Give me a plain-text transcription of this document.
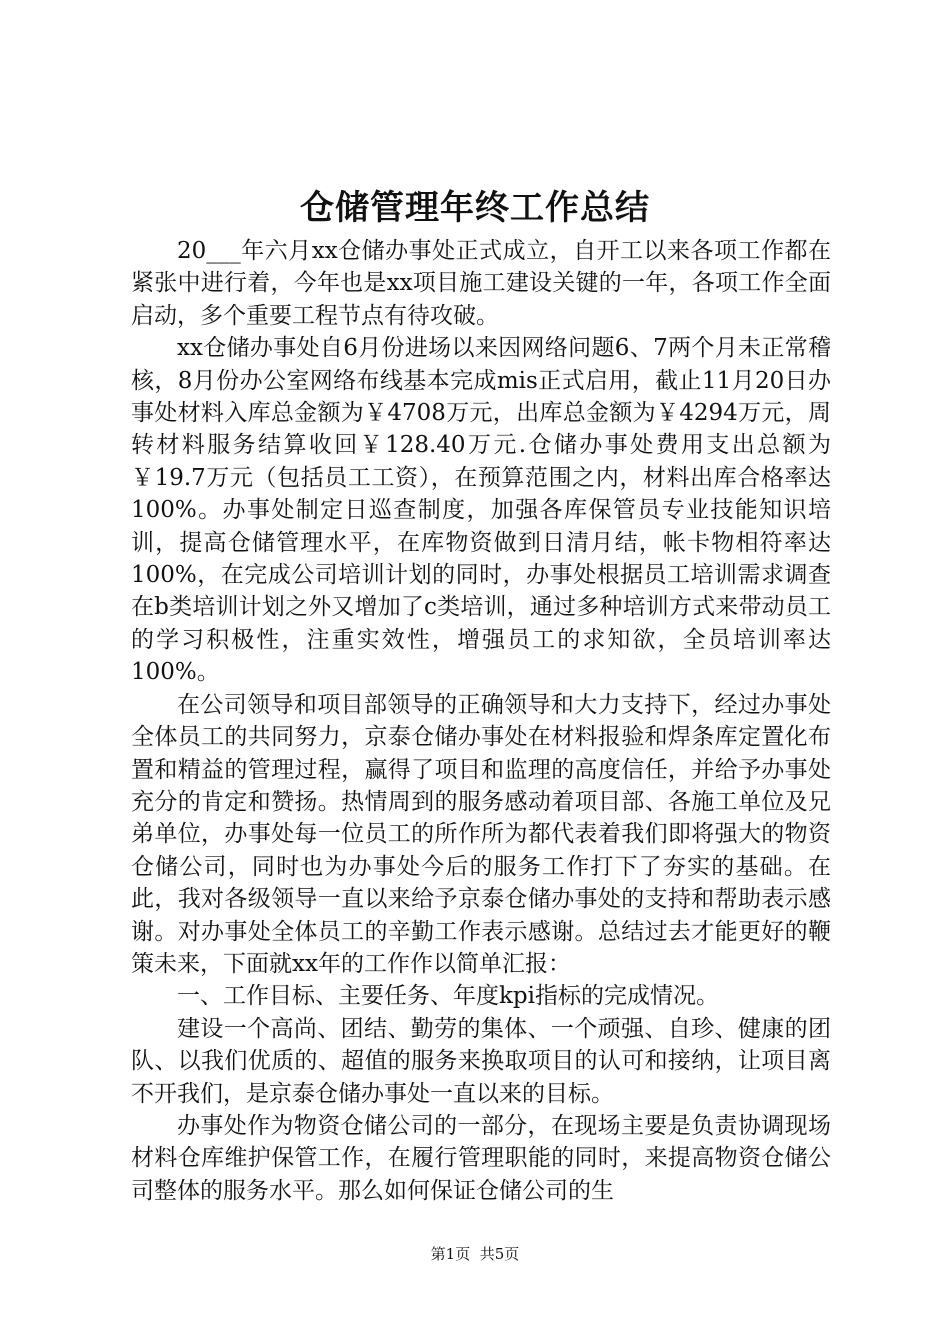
仓储管理年终工作总结

20___年六月xx仓储办事处正式成立，自开工以来各项工作都在紧张中进行着，今年也是xx项目施工建设关键的一年，各项工作全面启动，多个重要工程节点有待攻破。

xx仓储办事处自6月份进场以来因网络问题6、7两个月未正常稽核，8月份办公室网络布线基本完成mis正式启用，截止11月20日办事处材料入库总金额为￥4708万元，出库总金额为￥4294万元，周转材料服务结算收回￥128.40万元.仓储办事处费用支出总额为￥19.7万元（包括员工工资），在预算范围之内，材料出库合格率达100%。办事处制定日巡查制度，加强各库保管员专业技能知识培训，提高仓储管理水平，在库物资做到日清月结，帐卡物相符率达100%，在完成公司培训计划的同时，办事处根据员工培训需求调查在b类培训计划之外又增加了c类培训，通过多种培训方式来带动员工的学习积极性，注重实效性，增强员工的求知欲，全员培训率达100%。

在公司领导和项目部领导的正确领导和大力支持下，经过办事处全体员工的共同努力，京泰仓储办事处在材料报验和焊条库定置化布置和精益的管理过程，赢得了项目和监理的高度信任，并给予办事处充分的肯定和赞扬。热情周到的服务感动着项目部、各施工单位及兄弟单位，办事处每一位员工的所作所为都代表着我们即将强大的物资仓储公司，同时也为办事处今后的服务工作打下了夯实的基础。在此，我对各级领导一直以来给予京泰仓储办事处的支持和帮助表示感谢。对办事处全体员工的辛勤工作表示感谢。总结过去才能更好的鞭策未来，下面就xx年的工作作以简单汇报：

一、工作目标、主要任务、年度kpi指标的完成情况。

建设一个高尚、团结、勤劳的集体、一个顽强、自珍、健康的团队、以我们优质的、超值的服务来换取项目的认可和接纳，让项目离不开我们，是京泰仓储办事处一直以来的目标。

办事处作为物资仓储公司的一部分，在现场主要是负责协调现场材料仓库维护保管工作，在履行管理职能的同时，来提高物资仓储公司整体的服务水平。那么如何保证仓储公司的生

第1页 共5页
